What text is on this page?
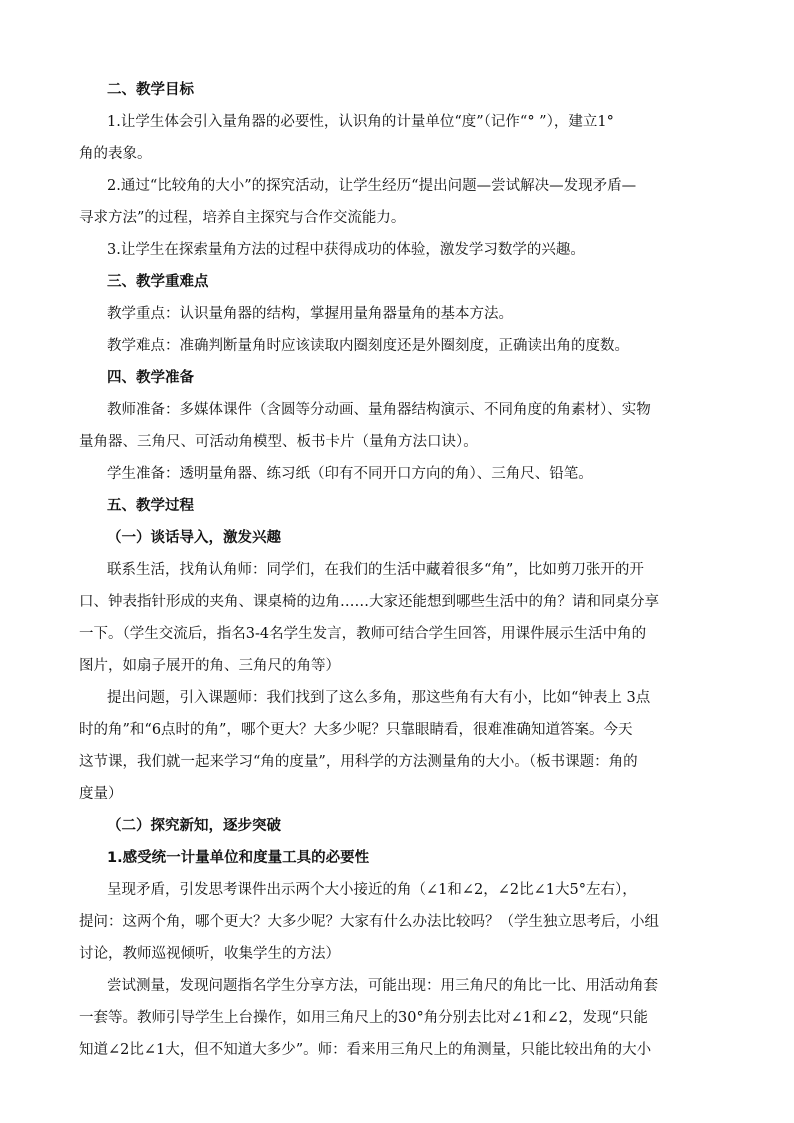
二、教学目标
1.让学生体会引入量角器的必要性，认识角的计量单位“度”（记作“° ”），建立1°
角的表象。
2.通过“比较角的大小”的探究活动，让学生经历“提出问题—尝试解决—发现矛盾—
寻求方法”的过程，培养自主探究与合作交流能力。
3.让学生在探索量角方法的过程中获得成功的体验，激发学习数学的兴趣。
三、教学重难点
教学重点：认识量角器的结构，掌握用量角器量角的基本方法。
教学难点：准确判断量角时应该读取内圈刻度还是外圈刻度，正确读出角的度数。
四、教学准备
教师准备：多媒体课件（含圆等分动画、量角器结构演示、不同角度的角素材）、实物
量角器、三角尺、可活动角模型、板书卡片（量角方法口诀）。
学生准备：透明量角器、练习纸（印有不同开口方向的角）、三角尺、铅笔。
五、教学过程
（一）谈话导入，激发兴趣
联系生活，找角认角师：同学们，在我们的生活中藏着很多“角”，比如剪刀张开的开
口、钟表指针形成的夹角、课桌椅的边角……大家还能想到哪些生活中的角？请和同桌分享
一下。（学生交流后，指名3-4名学生发言，教师可结合学生回答，用课件展示生活中角的
图片，如扇子展开的角、三角尺的角等）
提出问题，引入课题师：我们找到了这么多角，那这些角有大有小，比如“钟表上 3点
时的角”和“6点时的角”，哪个更大？大多少呢？只靠眼睛看，很难准确知道答案。今天
这节课，我们就一起来学习“角的度量”，用科学的方法测量角的大小。（板书课题：角的
度量）
（二）探究新知，逐步突破
1.感受统一计量单位和度量工具的必要性
呈现矛盾，引发思考课件出示两个大小接近的角（∠1和∠2，∠2比∠1大5°左右），
提问：这两个角，哪个更大？大多少呢？大家有什么办法比较吗？（学生独立思考后，小组
讨论，教师巡视倾听，收集学生的方法）
尝试测量，发现问题指名学生分享方法，可能出现：用三角尺的角比一比、用活动角套
一套等。教师引导学生上台操作，如用三角尺上的30°角分别去比对∠1和∠2，发现“只能
知道∠2比∠1大，但不知道大多少”。师：看来用三角尺上的角测量，只能比较出角的大小
